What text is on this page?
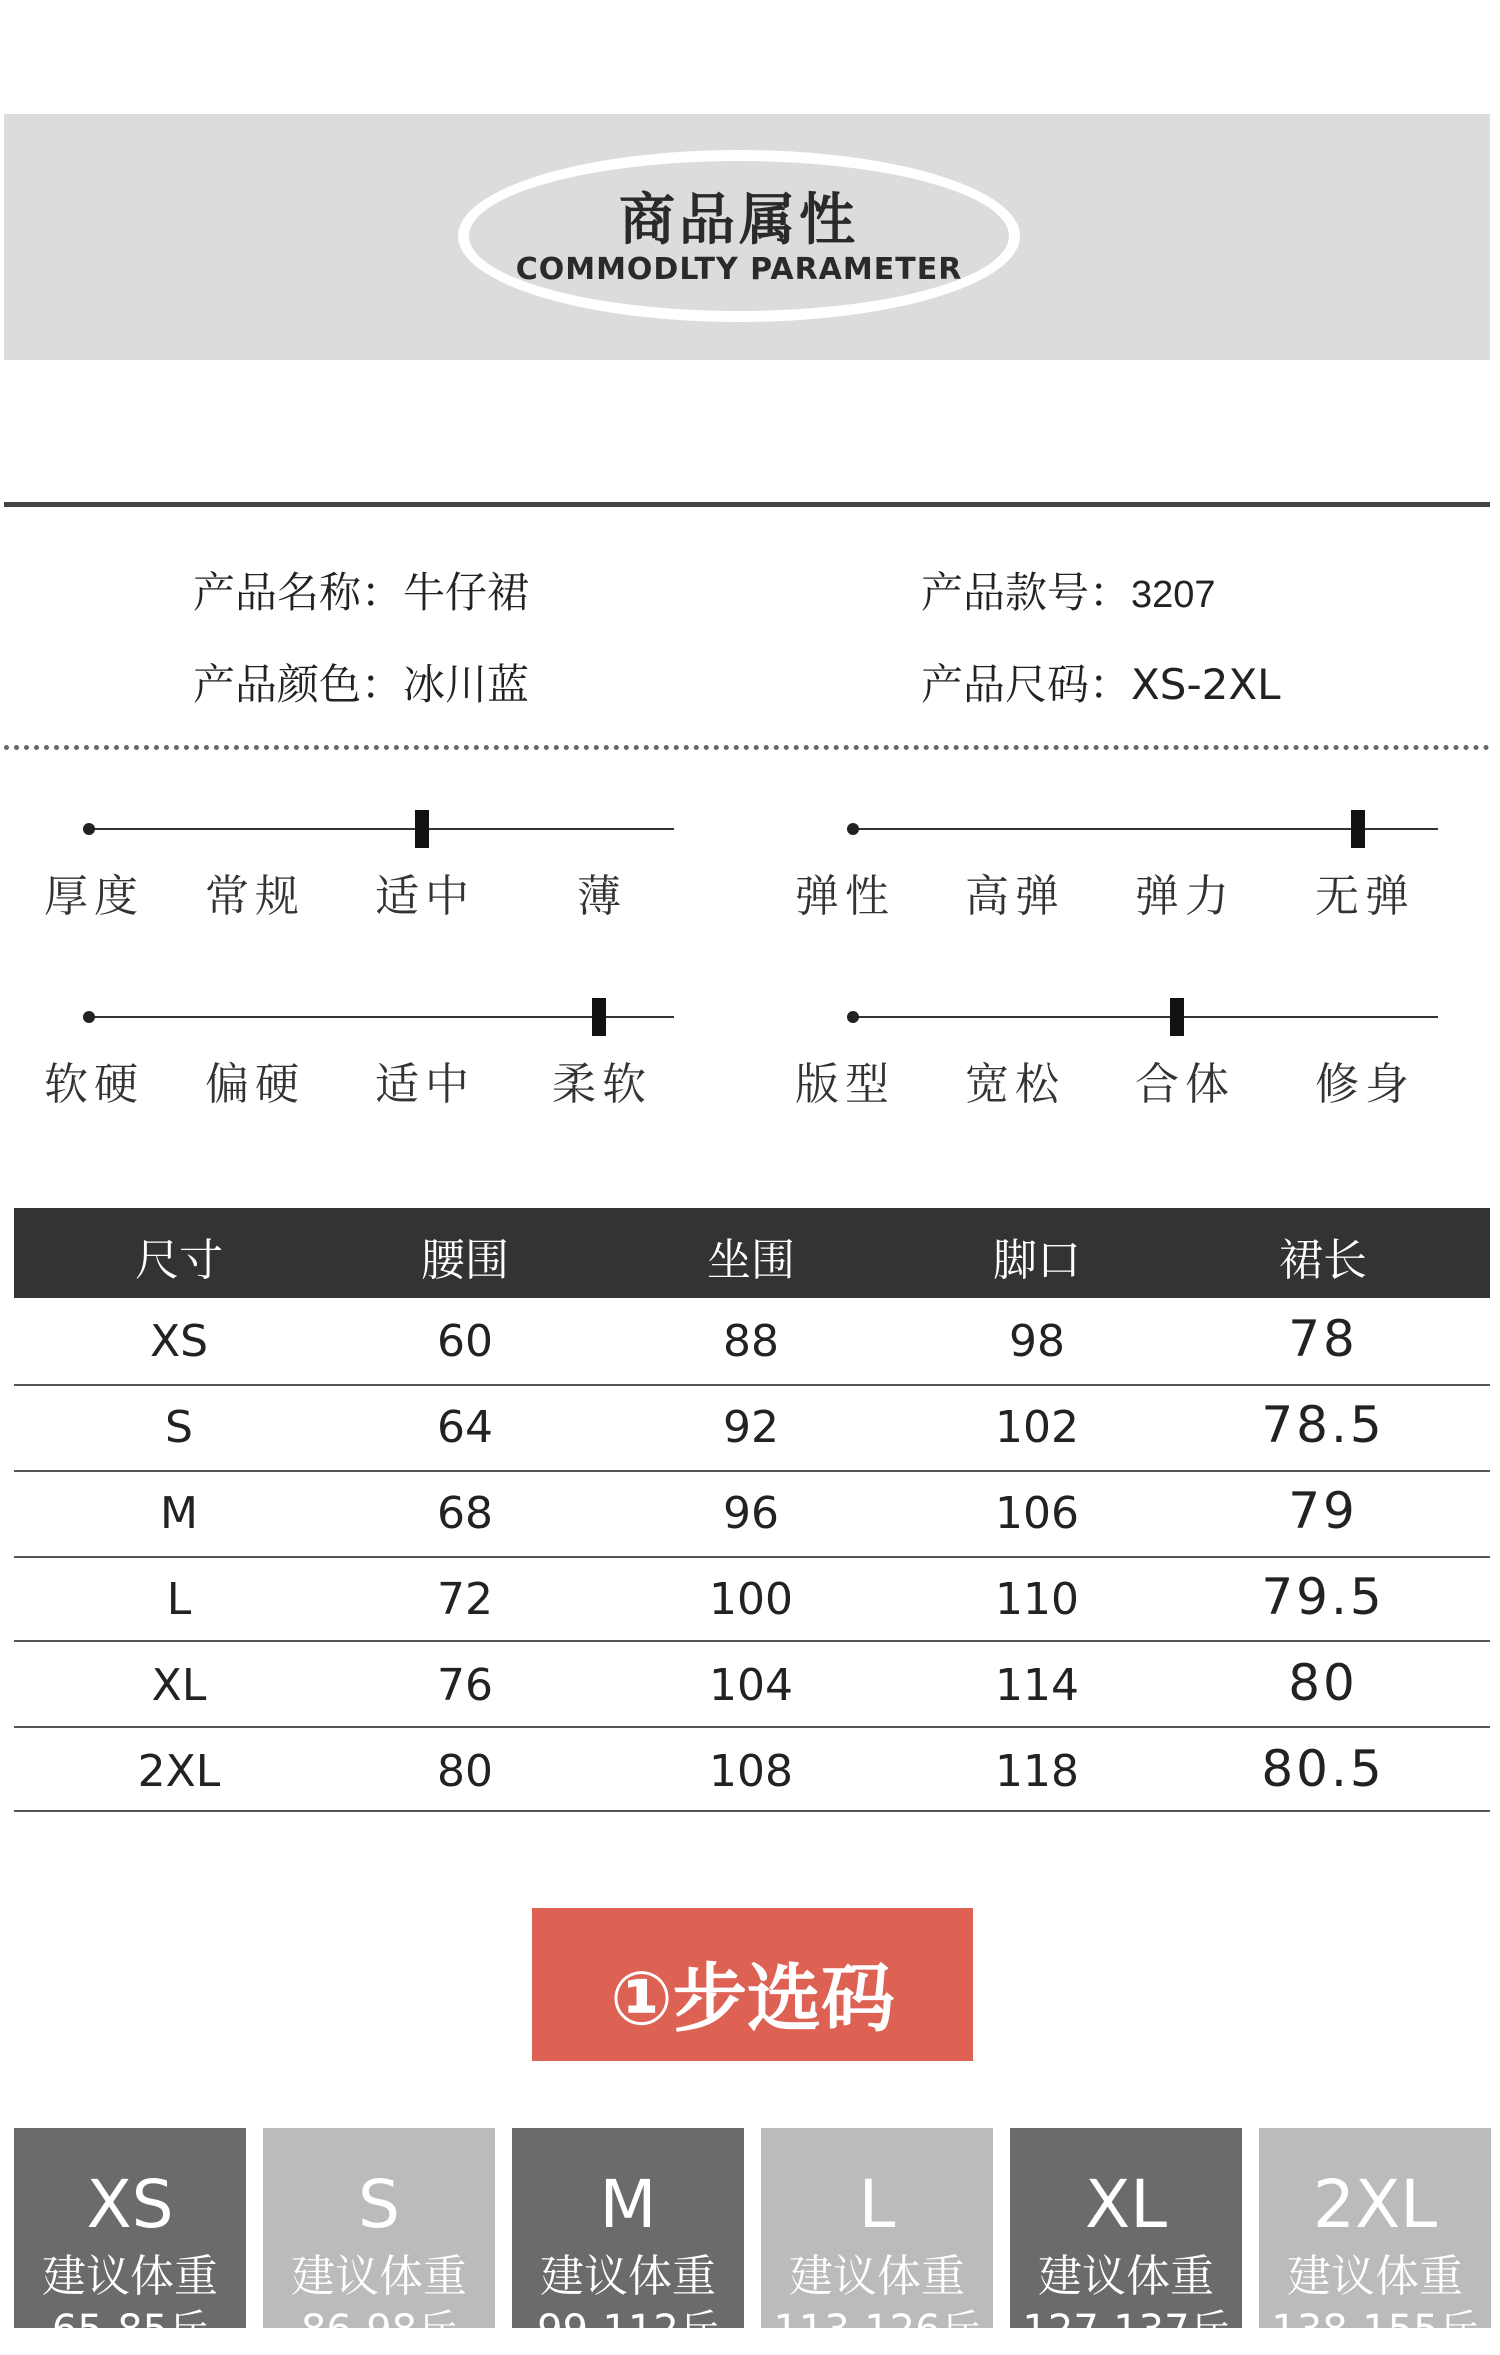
商品属性
COMMODLTY PARAMETER
产品名称：牛仔裙	产品款号：3207
产品颜色：冰川蓝	产品尺码：XS-2XL
厚度 常规 适中 薄	弹性 高弹 弹力 无弹
软硬 偏硬 适中 柔软	版型 宽松 合体 修身
尺寸	腰围	坐围	脚口	裙长
XS	60	88	98	78
S	64	92	102	78.5
M	68	96	106	79
L	72	100	110	79.5
XL	76	104	114	80
2XL	80	108	118	80.5
①步选码
XS
建议体重
65-85斤
S
建议体重
86-98斤
M
建议体重
99-112斤
L
建议体重
113-126斤
XL
建议体重
127-137斤
2XL
建议体重
138-155斤
